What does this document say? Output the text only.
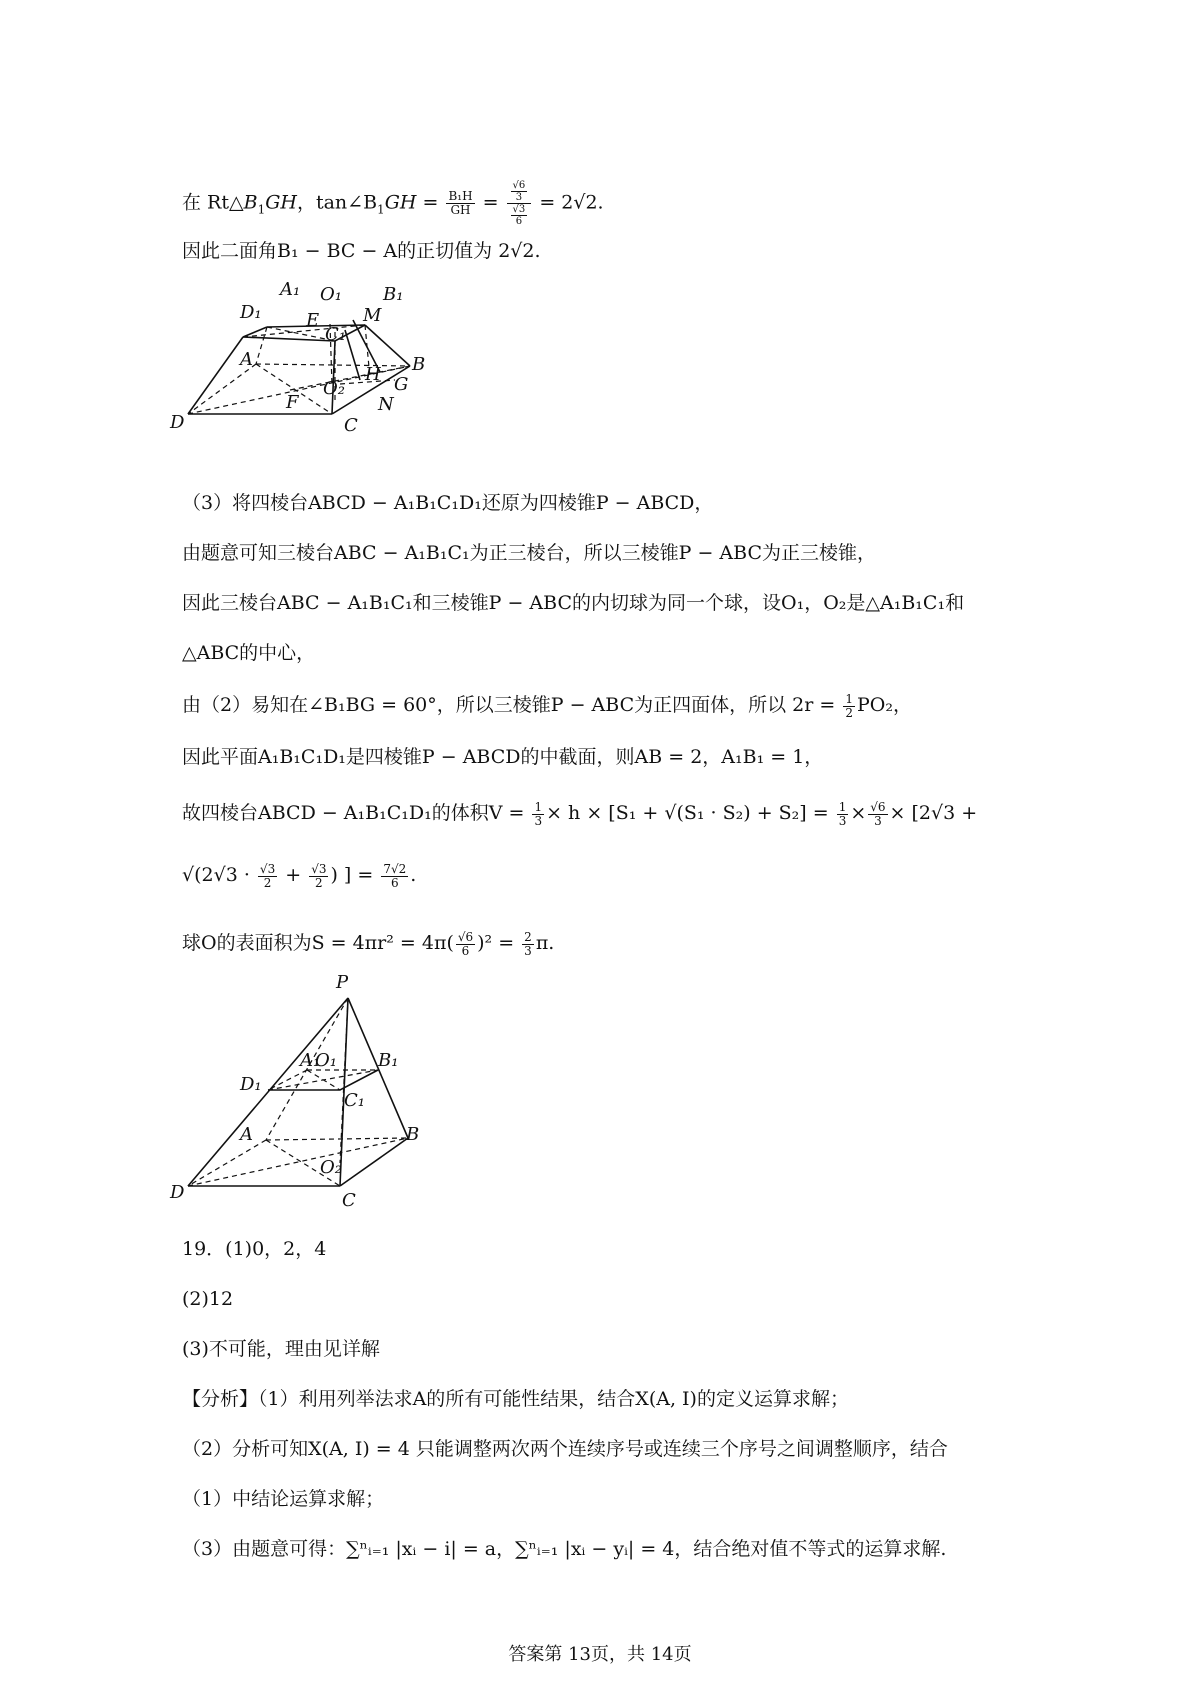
在 $Rt\triangle B_1GH$，$\tan\angle B_1GH = \frac{\text{B₁H}}{GH} = \frac{\frac{√6}{3}}{\frac{√3}{6}} = 2√2$.
因此二面角B₁ − BC − A的正切值为 2√2.
A₁ O₁ B₁
D₁ E M
C₁
A	B
H G
O₂
D
F	N
C
（3）将四棱台ABCD − A₁B₁C₁D₁还原为四棱锥P − ABCD，
由题意可知三棱台ABC − A₁B₁C₁为正三棱台，所以三棱锥P − ABC为正三棱锥，
因此三棱台ABC − A₁B₁C₁和三棱锥P − ABC的内切球为同一个球，设O₁，O₂是△A₁B₁C₁和
△ABC的中心，
由（2）易知在∠B₁BG = 60°，所以三棱锥P − ABC为正四面体，所以 $2r = \frac{1}{2} PO_2$，
因此平面A₁B₁C₁D₁是四棱锥P − ABCD的中截面，则AB = 2，A₁B₁ = 1，
故四棱台ABCD − A₁B₁C₁D₁的体积$V = \frac{1}{3} \times h \times [S_1 + √(S_1 \cdot S_2) + S_2] = \frac{1}{3} \times \frac{√6}{3} \times [2√3$ +
$√(2√3 \cdot \frac{√3}{2} + \frac{√3}{2}$ ) ] = $\frac{7√2}{6}$ .
球O的表面积为$S = 4\pi r^2 = 4\pi( \frac{√6}{6} )^2 = \frac{2}{3} \pi$.
P
A₁
O₁ B₁
D₁
C₁
A	B
O₂
D	C
19．(1)0，2，4
(2)12
(3)不可能，理由见详解
【分析】（1）利用列举法求A的所有可能性结果，结合X(A, I)的定义运算求解；
（2）分析可知X(A, I) = 4 只能调整两次两个连续序号或连续三个序号之间调整顺序，结合
（1）中结论运算求解；
（3）由题意可得：∑ⁿᵢ₌₁ |xᵢ − i| = a，∑ⁿᵢ₌₁ |xᵢ − yᵢ| = 4，结合绝对值不等式的运算求解.
答案第 13页，共 14页
